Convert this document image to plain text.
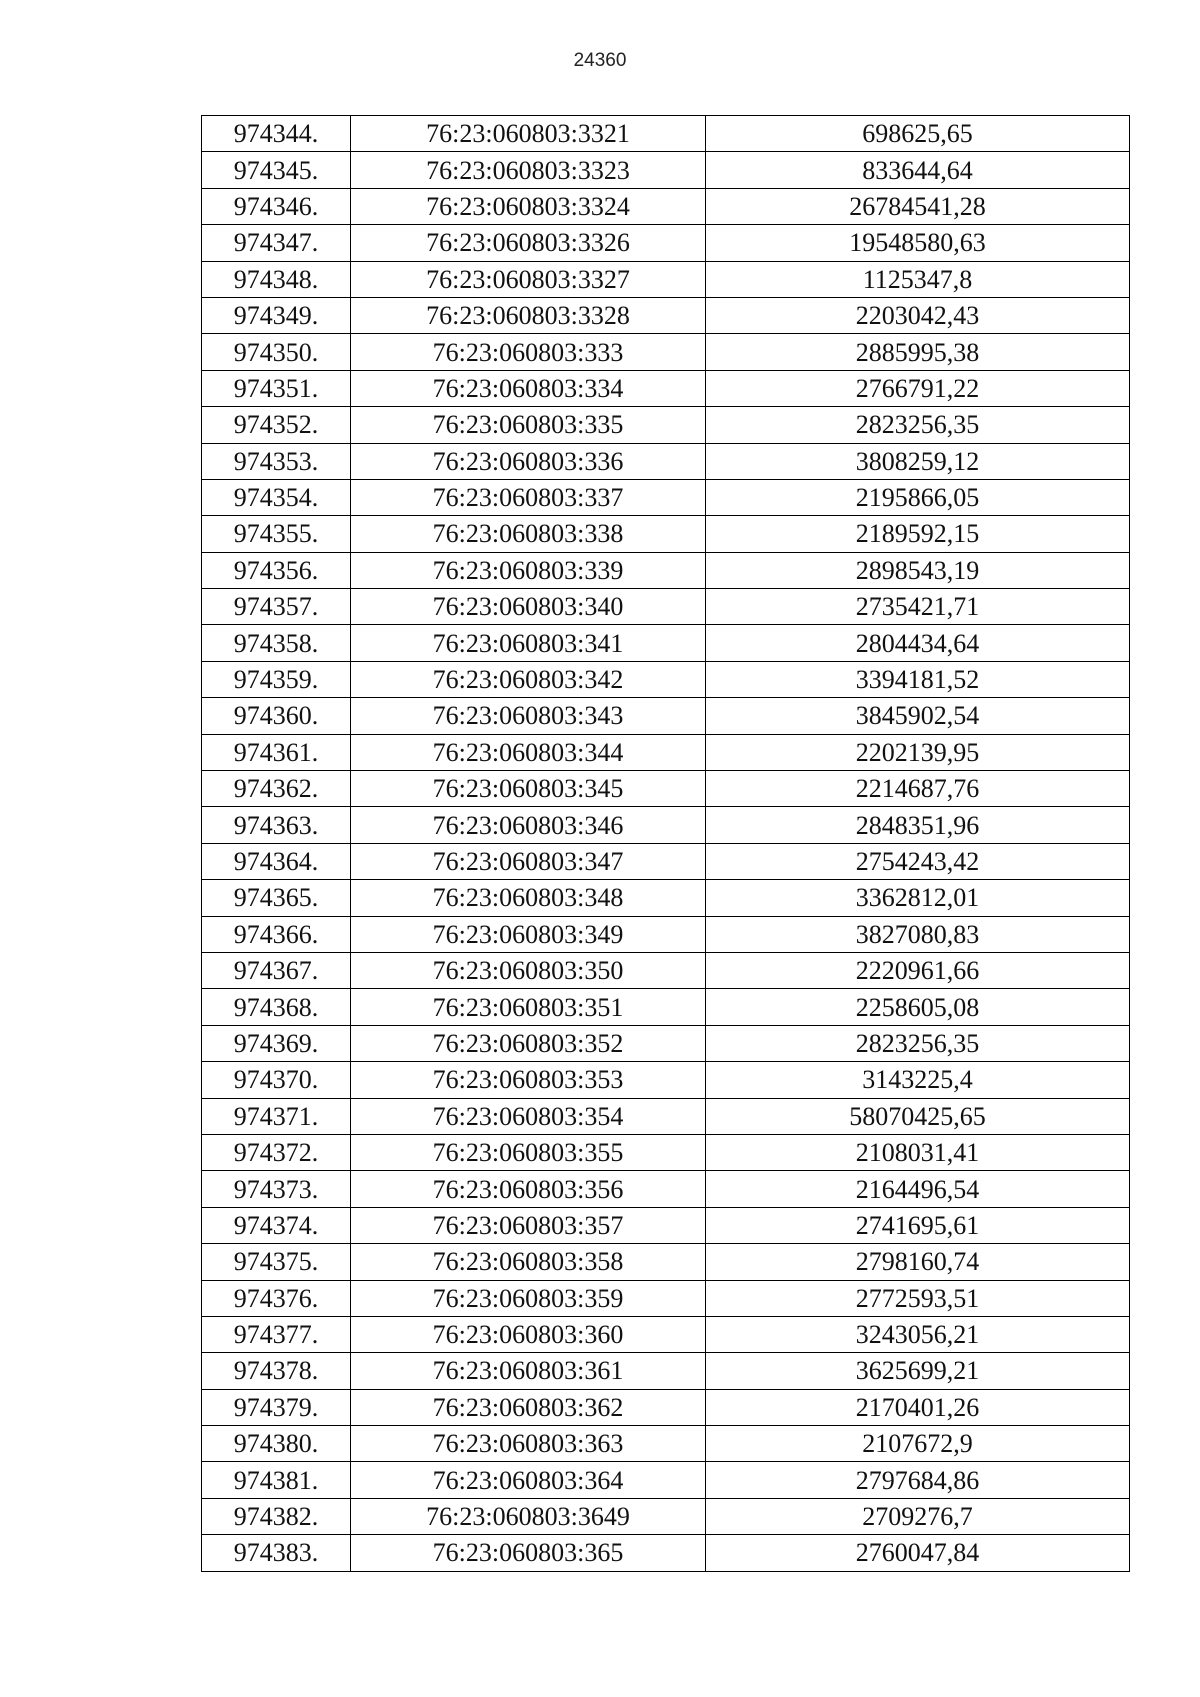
24360
974344.	76:23:060803:3321	698625,65
974345.	76:23:060803:3323	833644,64
974346.	76:23:060803:3324	26784541,28
974347.	76:23:060803:3326	19548580,63
974348.	76:23:060803:3327	1125347,8
974349.	76:23:060803:3328	2203042,43
974350.	76:23:060803:333	2885995,38
974351.	76:23:060803:334	2766791,22
974352.	76:23:060803:335	2823256,35
974353.	76:23:060803:336	3808259,12
974354.	76:23:060803:337	2195866,05
974355.	76:23:060803:338	2189592,15
974356.	76:23:060803:339	2898543,19
974357.	76:23:060803:340	2735421,71
974358.	76:23:060803:341	2804434,64
974359.	76:23:060803:342	3394181,52
974360.	76:23:060803:343	3845902,54
974361.	76:23:060803:344	2202139,95
974362.	76:23:060803:345	2214687,76
974363.	76:23:060803:346	2848351,96
974364.	76:23:060803:347	2754243,42
974365.	76:23:060803:348	3362812,01
974366.	76:23:060803:349	3827080,83
974367.	76:23:060803:350	2220961,66
974368.	76:23:060803:351	2258605,08
974369.	76:23:060803:352	2823256,35
974370.	76:23:060803:353	3143225,4
974371.	76:23:060803:354	58070425,65
974372.	76:23:060803:355	2108031,41
974373.	76:23:060803:356	2164496,54
974374.	76:23:060803:357	2741695,61
974375.	76:23:060803:358	2798160,74
974376.	76:23:060803:359	2772593,51
974377.	76:23:060803:360	3243056,21
974378.	76:23:060803:361	3625699,21
974379.	76:23:060803:362	2170401,26
974380.	76:23:060803:363	2107672,9
974381.	76:23:060803:364	2797684,86
974382.	76:23:060803:3649	2709276,7
974383.	76:23:060803:365	2760047,84
